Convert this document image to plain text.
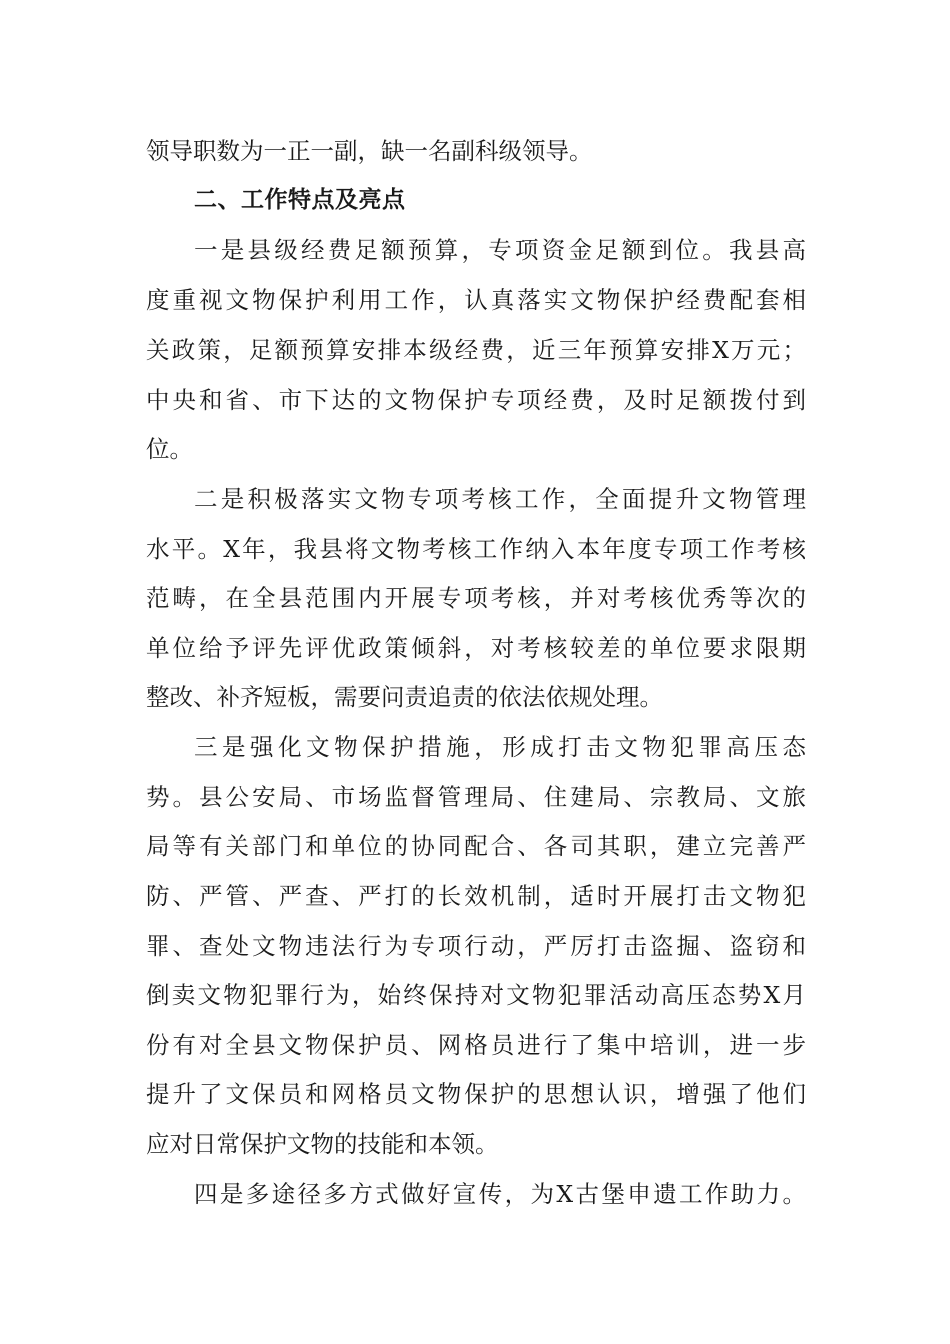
领导职数为一正一副，缺一名副科级领导。
二、工作特点及亮点
一是县级经费足额预算，专项资金足额到位。我县高
度重视文物保护利用工作，认真落实文物保护经费配套相
关政策，足额预算安排本级经费，近三年预算安排X万元；
中央和省、市下达的文物保护专项经费，及时足额拨付到
位。
二是积极落实文物专项考核工作，全面提升文物管理
水平。X年，我县将文物考核工作纳入本年度专项工作考核
范畴，在全县范围内开展专项考核，并对考核优秀等次的
单位给予评先评优政策倾斜，对考核较差的单位要求限期
整改、补齐短板，需要问责追责的依法依规处理。
三是强化文物保护措施，形成打击文物犯罪高压态
势。县公安局、市场监督管理局、住建局、宗教局、文旅
局等有关部门和单位的协同配合、各司其职，建立完善严
防、严管、严查、严打的长效机制，适时开展打击文物犯
罪、查处文物违法行为专项行动，严厉打击盗掘、盗窃和
倒卖文物犯罪行为，始终保持对文物犯罪活动高压态势X月
份有对全县文物保护员、网格员进行了集中培训，进一步
提升了文保员和网格员文物保护的思想认识，增强了他们
应对日常保护文物的技能和本领。
四是多途径多方式做好宣传，为X古堡申遗工作助力。
